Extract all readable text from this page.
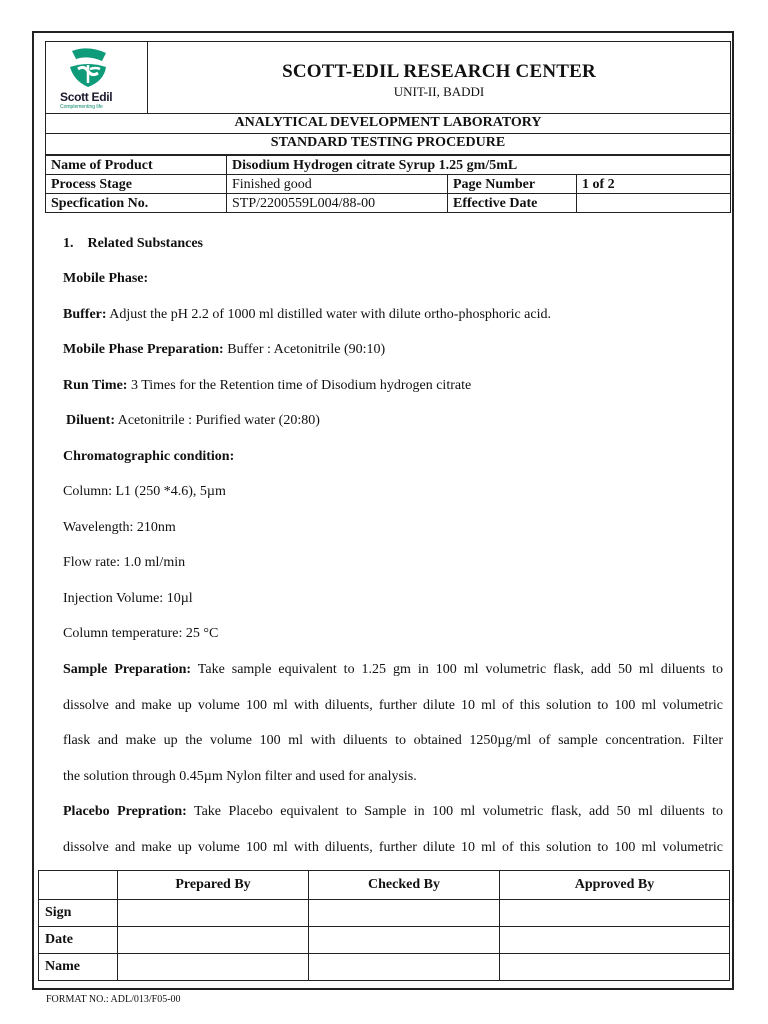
Scott Edil
Complementing life
SCOTT-EDIL RESEARCH CENTER
UNIT-II, BADDI
ANALYTICAL DEVELOPMENT LABORATORY
STANDARD TESTING PROCEDURE
Name of Product	Disodium Hydrogen citrate Syrup 1.25 gm/5mL		
Process Stage	Finished good	Page Number	1 of 2
Specfication No.	STP/2200559L004/88-00	Effective Date	
1. Related Substances
Mobile Phase:
Buffer: Adjust the pH 2.2 of 1000 ml distilled water with dilute ortho-phosphoric acid.
Mobile Phase Preparation: Buffer : Acetonitrile (90:10)
Run Time: 3 Times for the Retention time of Disodium hydrogen citrate
Diluent: Acetonitrile : Purified water (20:80)
Chromatographic condition:
Column: L1 (250 *4.6), 5µm
Wavelength: 210nm
Flow rate: 1.0 ml/min
Injection Volume: 10µl
Column temperature: 25 °C
Sample Preparation: Take sample equivalent to 1.25 gm in 100 ml volumetric flask, add 50 ml diluents to
dissolve and make up volume 100 ml with diluents, further dilute 10 ml of this solution to 100 ml volumetric
flask and make up the volume 100 ml with diluents to obtained 1250µg/ml of sample concentration. Filter
the solution through 0.45µm Nylon filter and used for analysis.
Placebo Prepration: Take Placebo equivalent to Sample in 100 ml volumetric flask, add 50 ml diluents to
dissolve and make up volume 100 ml with diluents, further dilute 10 ml of this solution to 100 ml volumetric
	Prepared By	Checked By	Approved By
Sign			
Date			
Name			
FORMAT NO.: ADL/013/F05-00
